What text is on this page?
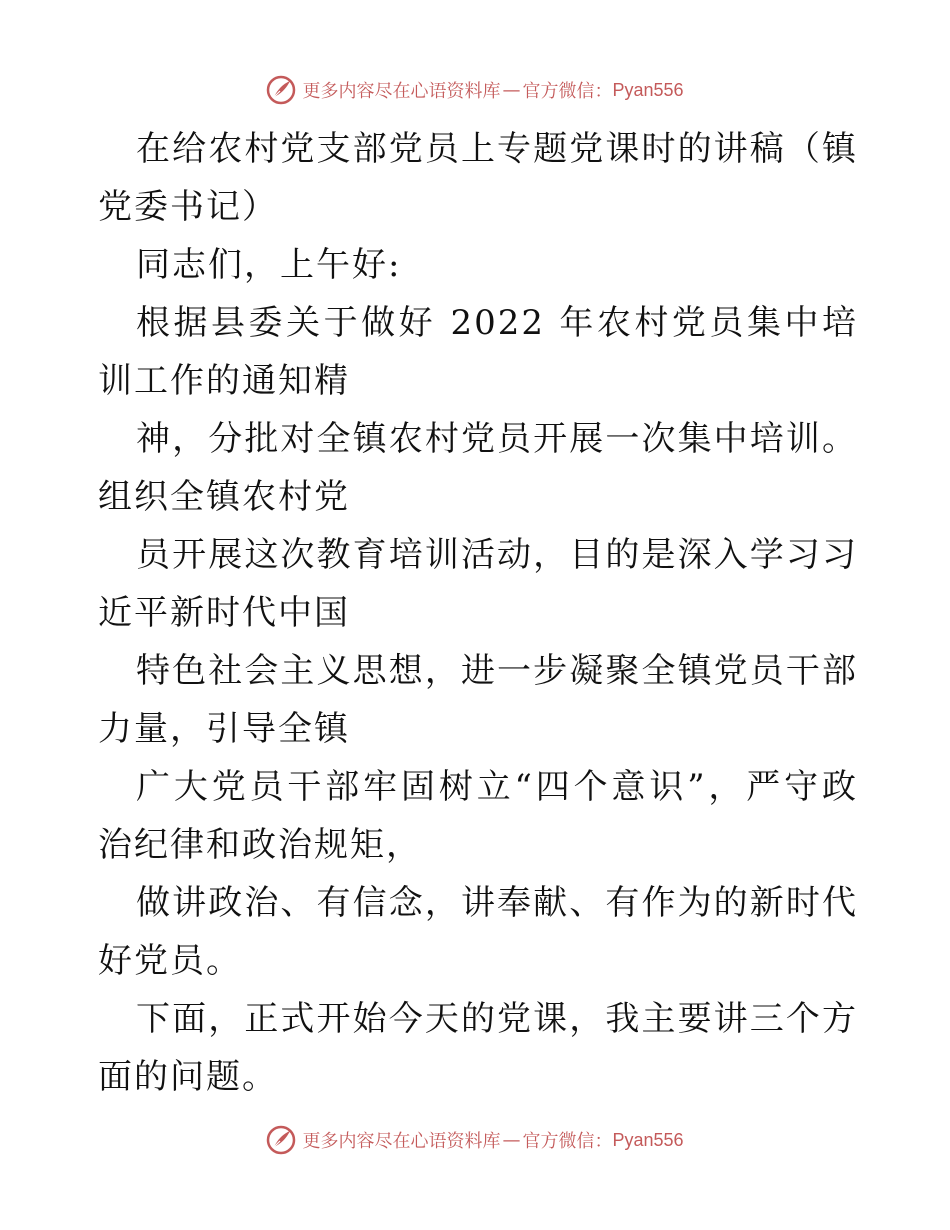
更多内容尽在心语资料库 — 官方微信： Pyan556

在给农村党支部党员上专题党课时的讲稿（镇党委书记）

同志们，上午好:

根据县委关于做好 2022 年农村党员集中培训工作的通知精

神，分批对全镇农村党员开展一次集中培训。组织全镇农村党

员开展这次教育培训活动，目的是深入学习习近平新时代中国

特色社会主义思想，进一步凝聚全镇党员干部力量，引导全镇

广大党员干部牢固树立“四个意识”，严守政治纪律和政治规矩，

做讲政治、有信念，讲奉献、有作为的新时代好党员。

下面，正式开始今天的党课，我主要讲三个方面的问题。

更多内容尽在心语资料库 — 官方微信： Pyan556
